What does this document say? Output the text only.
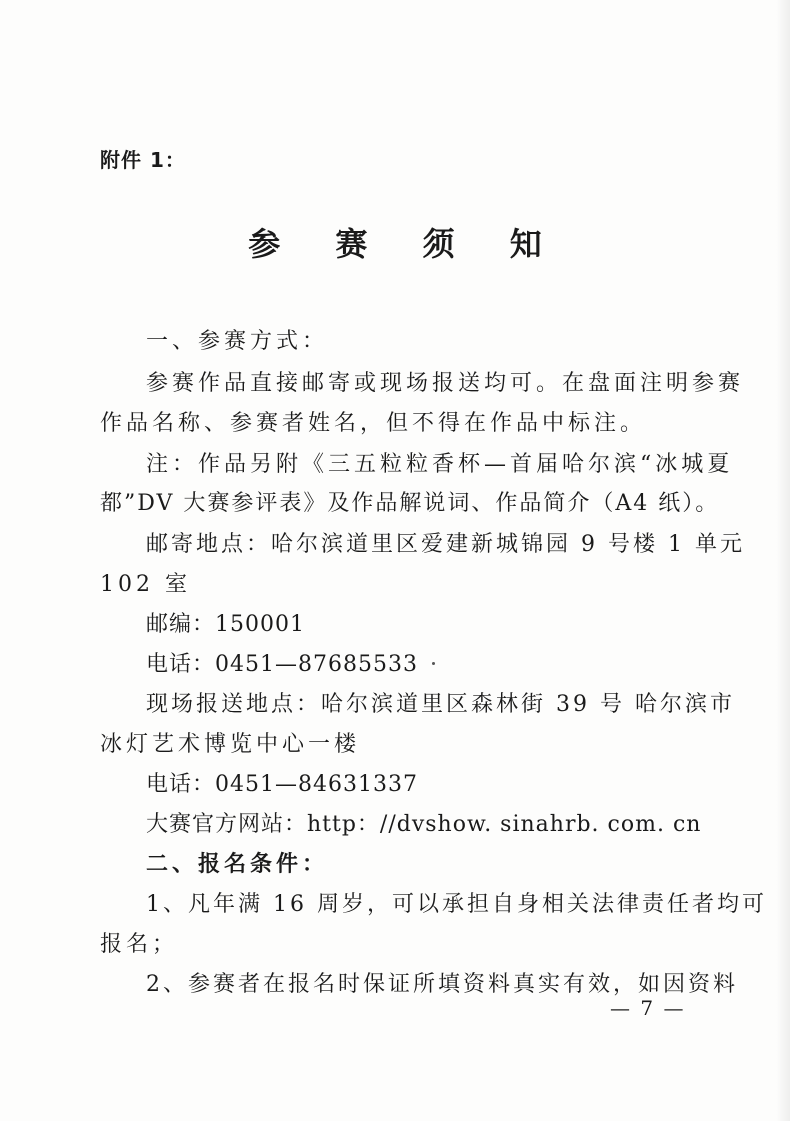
附件 1：
参 赛 须 知
一、参赛方式：
参赛作品直接邮寄或现场报送均可。在盘面注明参赛
作品名称、参赛者姓名，但不得在作品中标注。
注：作品另附《三五粒粒香杯—首届哈尔滨“冰城夏
都”DV 大赛参评表》及作品解说词、作品简介（A4 纸）。
邮寄地点：哈尔滨道里区爱建新城锦园 9 号楼 1 单元
102 室
邮编：150001
电话：0451—87685533
现场报送地点：哈尔滨道里区森林街 39 号 哈尔滨市
冰灯艺术博览中心一楼
电话：0451—84631337
大赛官方网站：http：//dvshow. sinahrb. com. cn
二、报名条件：
1、凡年满 16 周岁，可以承担自身相关法律责任者均可
报名；
2、参赛者在报名时保证所填资料真实有效，如因资料
— 7 —
